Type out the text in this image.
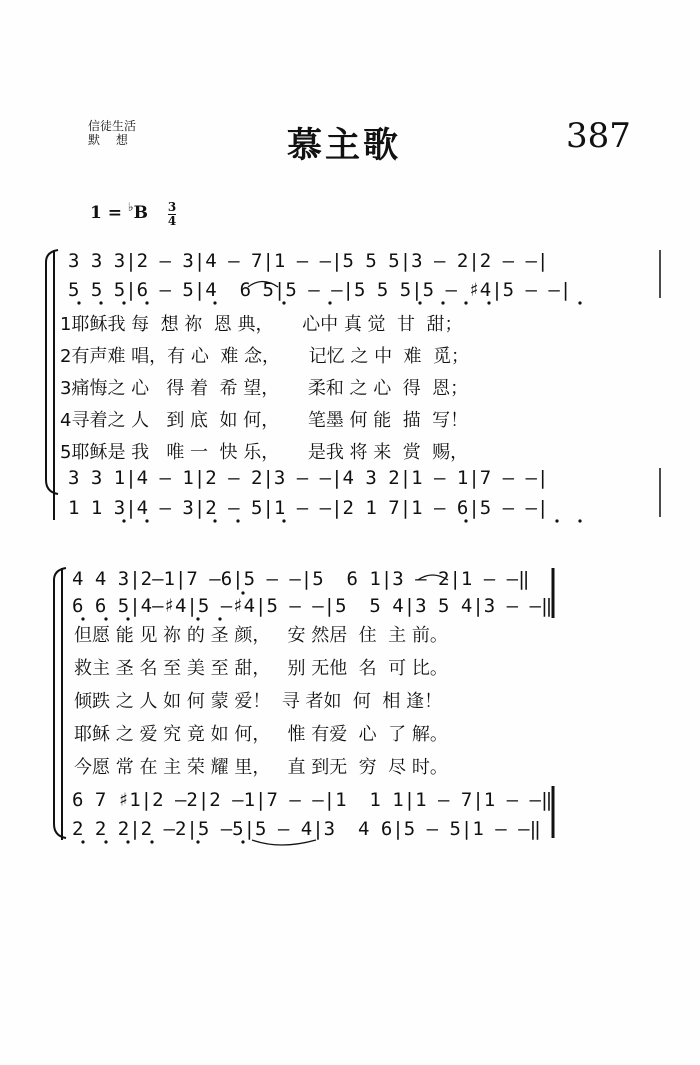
信徒生活
默　 想	慕主歌	387
$1 = ^♭B \frac{3}{4}$
3 3 3|2 – 3|4 – 7|1 – –|5 5 5|3 – 2|2 – –|
5 5 5|6 – 5|4  6 5|5 – –|5 5 5|5 – ♯4|5 – –|
1耶稣我 每  想 祢  恩 典，     心中 真 觉  甘  甜；
2有声难 唱，有 心  难 念，     记忆 之 中  难  觅；
3痛悔之 心   得 着  希 望，     柔和 之 心  得  恩；
4寻着之 人   到 底  如 何，     笔墨 何 能  描  写！
5耶稣是 我   唯 一  快 乐，     是我 将 来  赏  赐，
3 3 1|4 – 1|2 – 2|3 – –|4 3 2|1 – 1|7 – –|
1 1 3|4 – 3|2 – 5|1 – –|2 1 7|1 – 6|5 – –|
4 4 3|2–1|7 –6|5 – –|5  6 1|3 – 2|1 – –‖
6 6 5|4–♯4|5 –♯4|5 – –|5  5 4|3 5 4|3 – –‖
但愿 能 见 祢 的 圣 颜，   安 然居  住  主 前。
救主 圣 名 至 美 至 甜，   别 无他  名  可 比。
倾跌 之 人 如 何 蒙 爱！  寻 者如  何  相 逢！
耶稣 之 爱 究 竟 如 何，   惟 有爱  心  了 解。
今愿 常 在 主 荣 耀 里，   直 到无  穷  尽 时。
6 7 ♯1|2 –2|2 –1|7 – –|1  1 1|1 – 7|1 – –‖
2 2 2|2 –2|5 –5|5 – 4|3  4 6|5 – 5|1 – –‖
